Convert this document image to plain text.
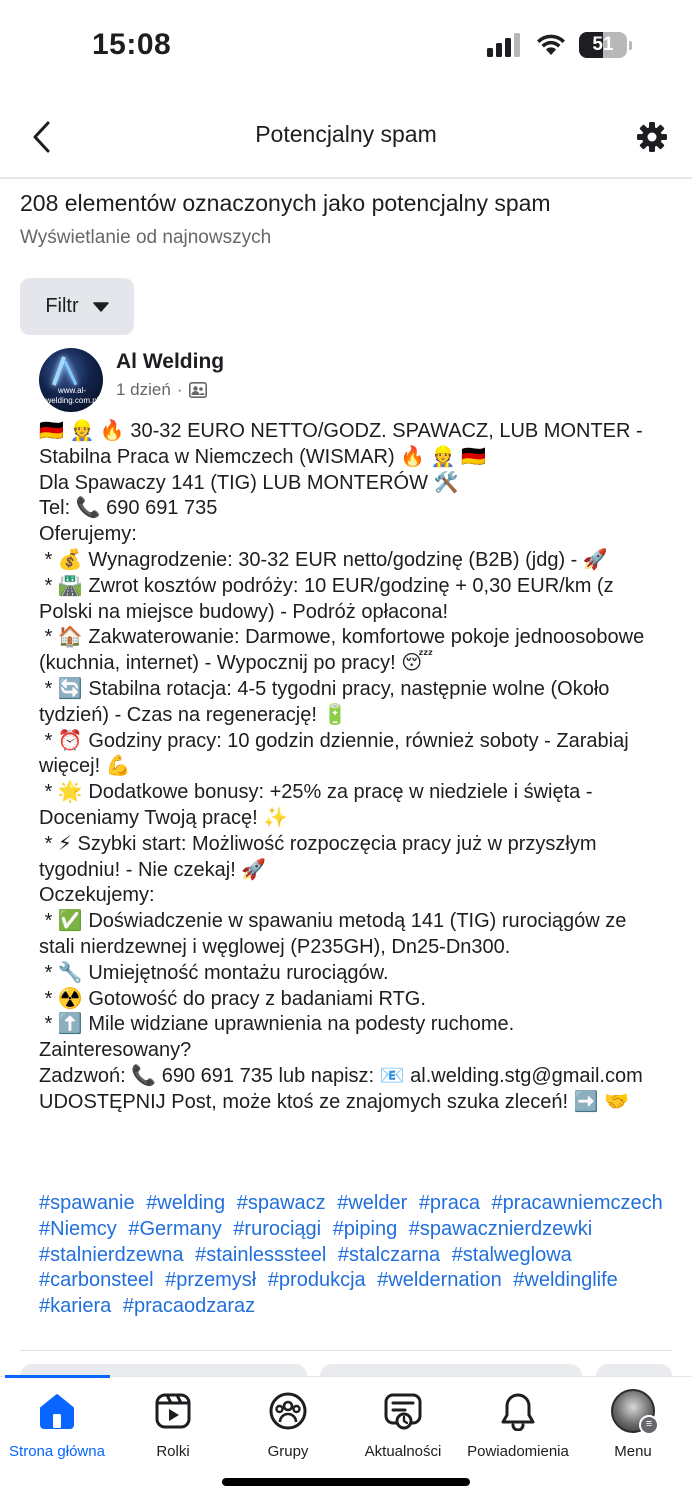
15:08	51
Potencjalny spam
208 elementów oznaczonych jako potencjalny spam
Wyświetlanie od najnowszych
Filtr
www.al-welding.com.pl
Al Welding
1 dzień ·
🇩🇪 👷 🔥 30-32 EURO NETTO/GODZ. SPAWACZ, LUB MONTER - Stabilna Praca w Niemczech (WISMAR) 🔥 👷 🇩🇪
Dla Spawaczy 141 (TIG) LUB MONTERÓW 🛠️
Tel: 📞 690 691 735
Oferujemy:
* 💰 Wynagrodzenie: 30-32 EUR netto/godzinę (B2B) (jdg) - 🚀
* 🛣️ Zwrot kosztów podróży: 10 EUR/godzinę + 0,30 EUR/km (z Polski na miejsce budowy) - Podróż opłacona!
* 🏠 Zakwaterowanie: Darmowe, komfortowe pokoje jednoosobowe (kuchnia, internet) - Wypocznij po pracy! 😴
* 🔄 Stabilna rotacja: 4-5 tygodni pracy, następnie wolne (Około tydzień) - Czas na regenerację! 🔋
* ⏰ Godziny pracy: 10 godzin dziennie, również soboty - Zarabiaj więcej! 💪
* 🌟 Dodatkowe bonusy: +25% za pracę w niedziele i święta - Doceniamy Twoją pracę! ✨
* ⚡ Szybki start: Możliwość rozpoczęcia pracy już w przyszłym tygodniu! - Nie czekaj! 🚀
Oczekujemy:
* ✅ Doświadczenie w spawaniu metodą 141 (TIG) rurociągów ze stali nierdzewnej i węglowej (P235GH), Dn25-Dn300.
* 🔧 Umiejętność montażu rurociągów.
* ☢️ Gotowość do pracy z badaniami RTG.
* ⬆️ Mile widziane uprawnienia na podesty ruchome.
Zainteresowany?
Zadzwoń: 📞 690 691 735 lub napisz: 📧 al.welding.stg@gmail.com
UDOSTĘPNIJ Post, może ktoś ze znajomych szuka zleceń! ➡️ 🤝
#spawanie #welding #spawacz #welder #praca #pracawniemczech #Niemcy #Germany #rurociągi #piping #spawacznierdzewki #stalnierdzewna #stainlesssteel #stalczarna #stalweglowa #carbonsteel #przemysł #produkcja #weldernation #weldinglife #kariera #pracaodzaraz
Strona główna	Rolki	Grupy	Aktualności	Powiadomienia
≡
Menu
